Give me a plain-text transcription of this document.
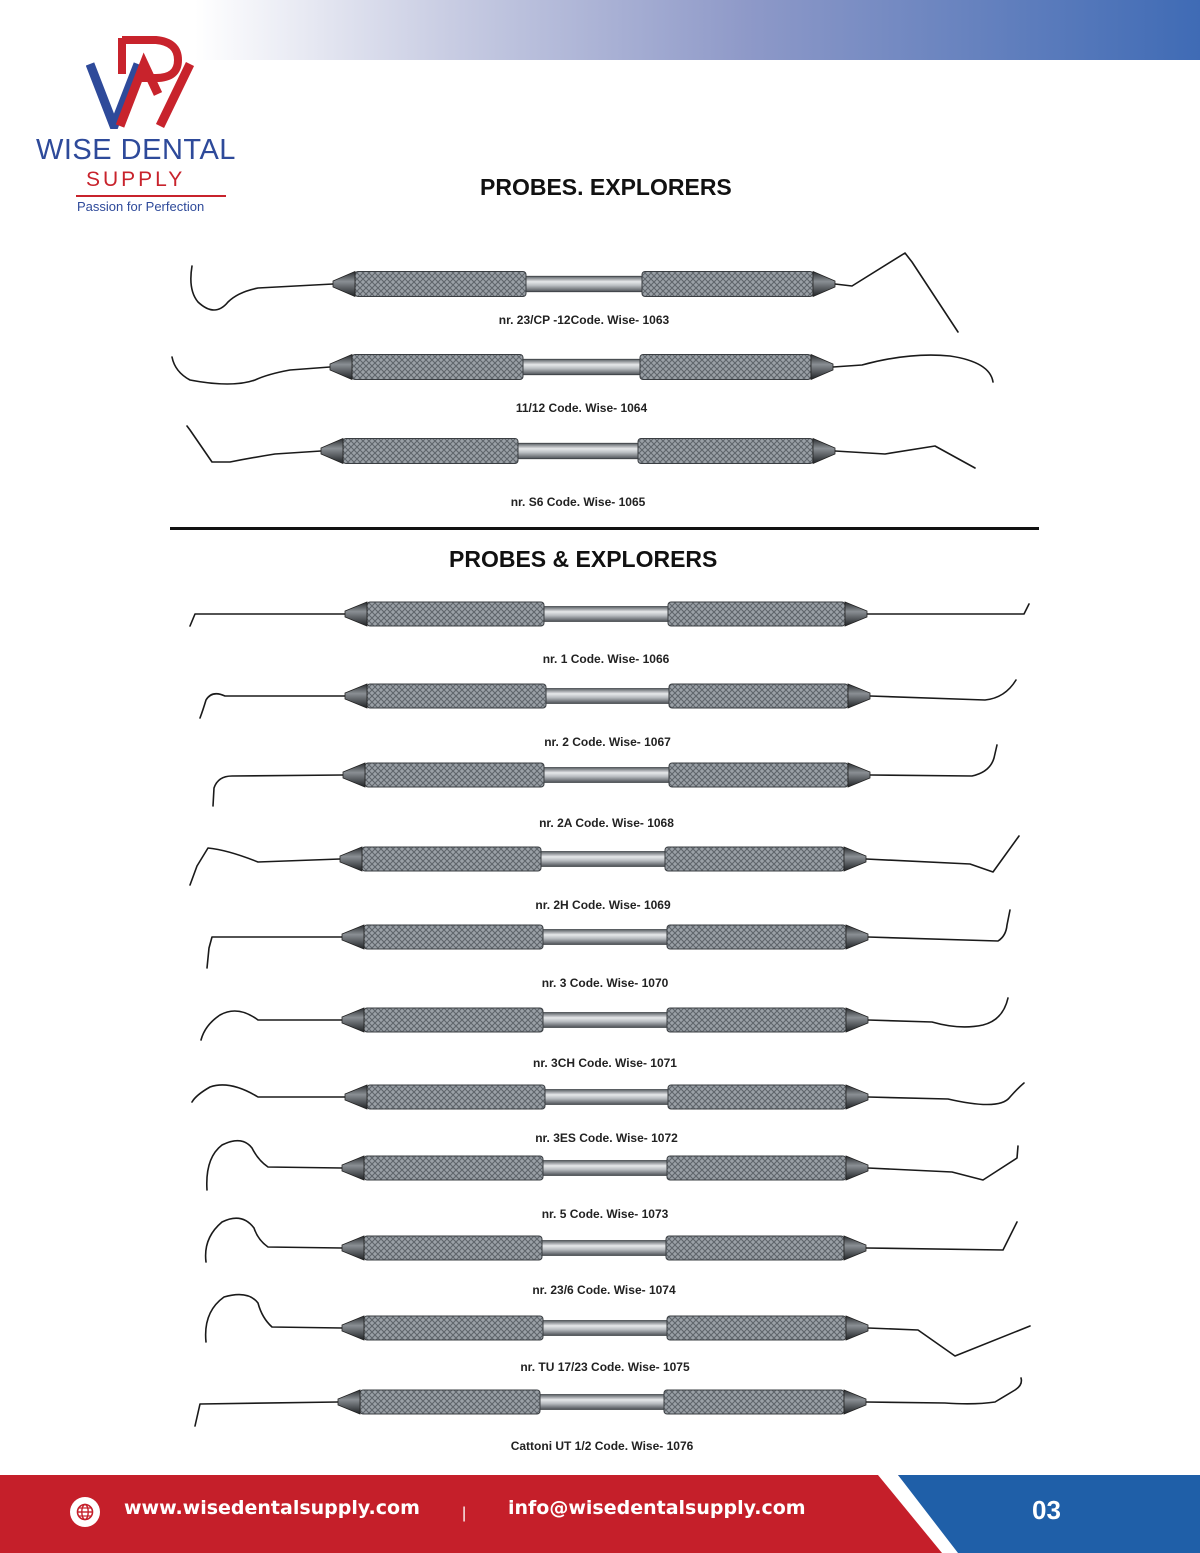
WISE DENTAL
SUPPLY
Passion for Perfection
PROBES. EXPLORERS
PROBES & EXPLORERS
nr. 23/CP -12Code. Wise- 1063
11/12 Code. Wise- 1064
nr. S6 Code. Wise- 1065
nr. 1 Code. Wise- 1066
nr. 2 Code. Wise- 1067
nr. 2A Code. Wise- 1068
nr. 2H Code. Wise- 1069
nr. 3 Code. Wise- 1070
nr. 3CH Code. Wise- 1071
nr. 3ES Code. Wise- 1072
nr. 5 Code. Wise- 1073
nr. 23/6 Code. Wise- 1074
nr. TU 17/23 Code. Wise- 1075
Cattoni UT 1/2 Code. Wise- 1076
www.wisedentalsupply.com	| info@wisedentalsupply.com	03
